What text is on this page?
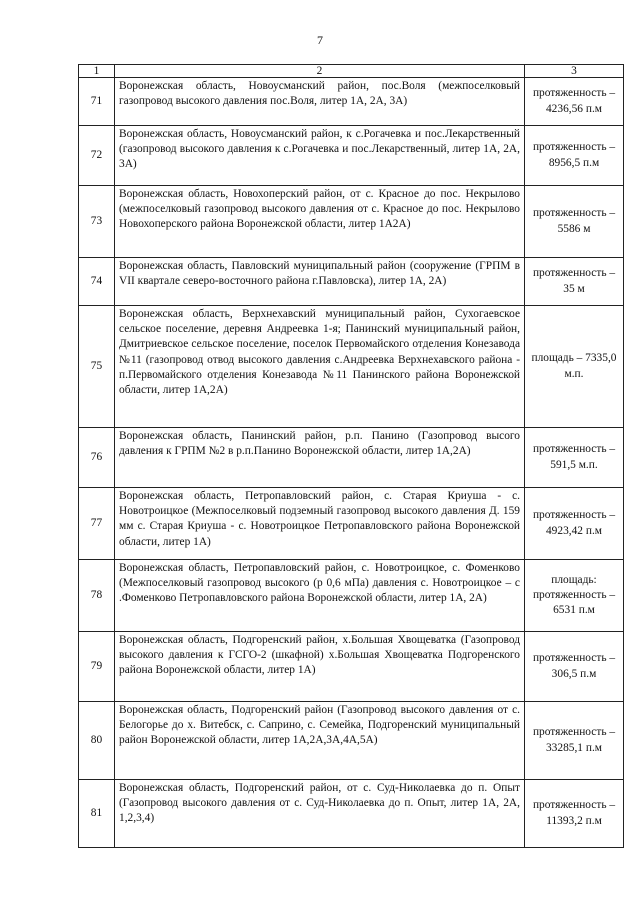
7
1	2	3
71	Воронежская область, Новоусманский район, пос.Воля (межпоселковый газопровод высокого давления пос.Воля, литер 1А, 2А, 3А)	протяженность – 4236,56 п.м
72	Воронежская область, Новоусманский район, к с.Рогачевка и пос.Лекарственный (газопровод высокого давления к с.Рогачевка и пос.Лекарственный, литер 1А, 2А, 3А)	протяженность – 8956,5 п.м
73	Воронежская область, Новохоперский район, от с. Красное до пос. Некрылово (межпоселковый газопровод высокого давления от с. Красное до пос. Некрылово Новохоперского района Воронежской области, литер 1А2А)	протяженность – 5586 м
74	Воронежская область, Павловский муниципальный район (сооружение (ГРПМ в VII квартале северо-восточного района г.Павловска), литер 1А, 2А)	протяженность – 35 м
75	Воронежская область, Верхнехавский муниципальный район, Сухогаевское сельское поселение, деревня Андреевка 1-я; Панинский муниципальный район, Дмитриевское сельское поселение, поселок Первомайского отделения Конезавода №11 (газопровод отвод высокого давления с.Андреевка Верхнехавского района - п.Первомайского отделения Конезавода №11 Панинского района Воронежской области, литер 1А,2А)	площадь – 7335,0 м.п.
76	Воронежская область, Панинский район, р.п. Панино (Газопровод высого давления к ГРПМ №2 в р.п.Панино Воронежской области, литер 1А,2А)	протяженность – 591,5 м.п.
77	Воронежская область, Петропавловский район, с. Старая Криуша - с. Новотроицкое (Межпоселковый подземный газопровод высокого давления Д. 159 мм с. Старая Криуша - с. Новотроицкое Петропавловского района Воронежской области, литер 1А)	протяженность – 4923,42 п.м
78	Воронежская область, Петропавловский район, с. Новотроицкое, с. Фоменково (Межпоселковый газопровод высокого (р 0,6 мПа) давления с. Новотроицкое – с .Фоменково Петропавловского района Воронежской области, литер 1А, 2А)	площадь: протяженность – 6531 п.м
79	Воронежская область, Подгоренский район, х.Большая Хвощеватка (Газопровод высокого давления к ГСГО-2 (шкафной) х.Большая Хвощеватка Подгоренского района Воронежской области, литер 1А)	протяженность – 306,5 п.м
80	Воронежская область, Подгоренский район (Газопровод высокого давления от с. Белогорье до х. Витебск, с. Саприно, с. Семейка, Подгоренский муниципальный район Воронежской области, литер 1А,2А,3А,4А,5А)	протяженность – 33285,1 п.м
81	Воронежская область, Подгоренский район, от с. Суд-Николаевка до п. Опыт (Газопровод высокого давления от с. Суд-Николаевка до п. Опыт, литер 1А, 2А, 1,2,3,4)	протяженность – 11393,2 п.м
